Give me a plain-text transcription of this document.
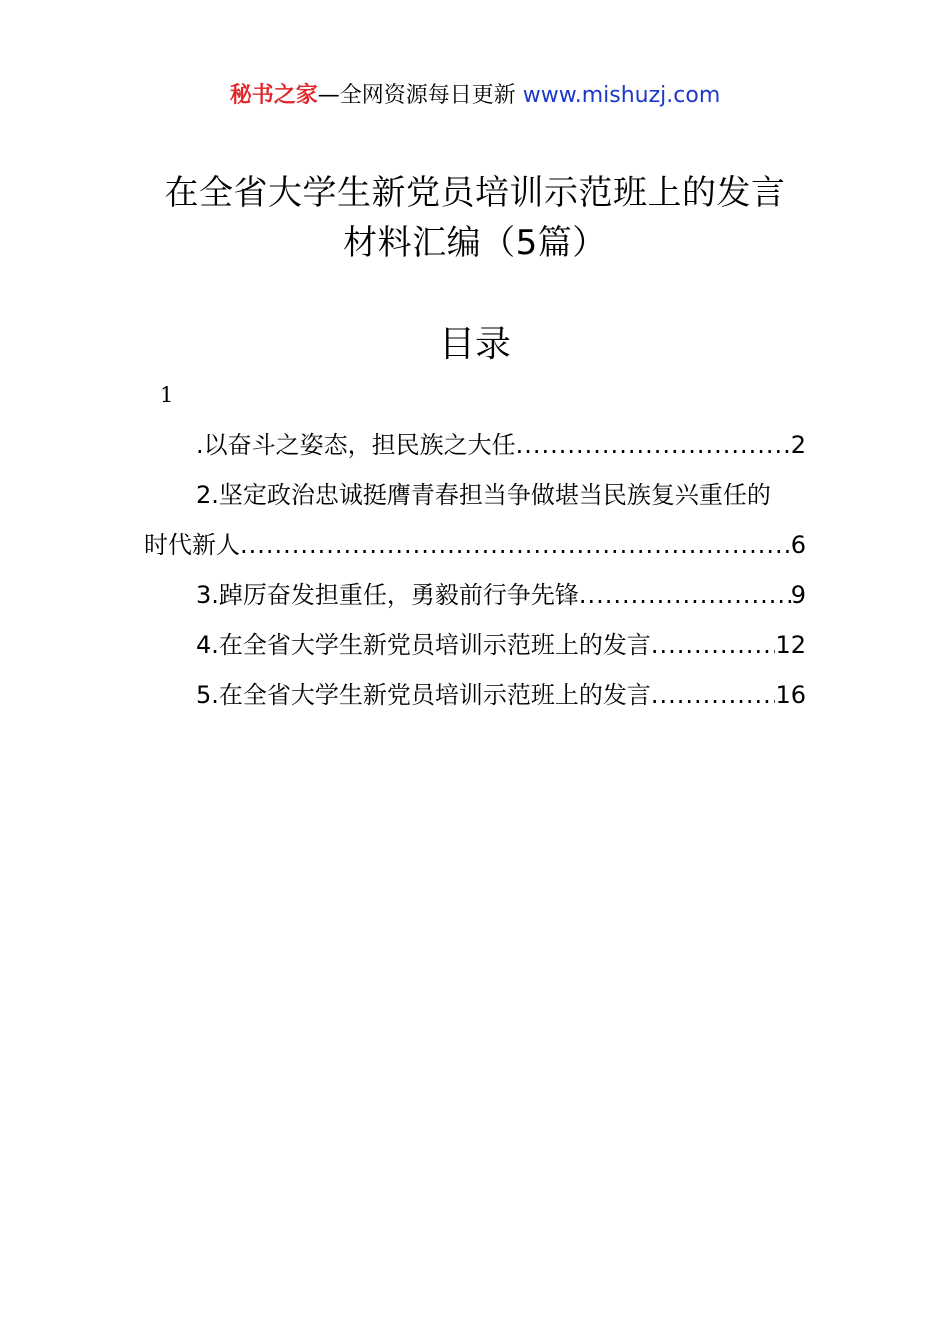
秘书之家—全网资源每日更新 www.mishuzj.com
在全省大学生新党员培训示范班上的发言
材料汇编（5篇）
目录
1
.以奋斗之姿态，担民族之大任 .....	2
2.坚定政治忠诚挺膺青春担当争做堪当民族复兴重任的
时代新人 .....	6
3.踔厉奋发担重任，勇毅前行争先锋 .....	9
4.在全省大学生新党员培训示范班上的发言 .....	12
5.在全省大学生新党员培训示范班上的发言 .....	16
